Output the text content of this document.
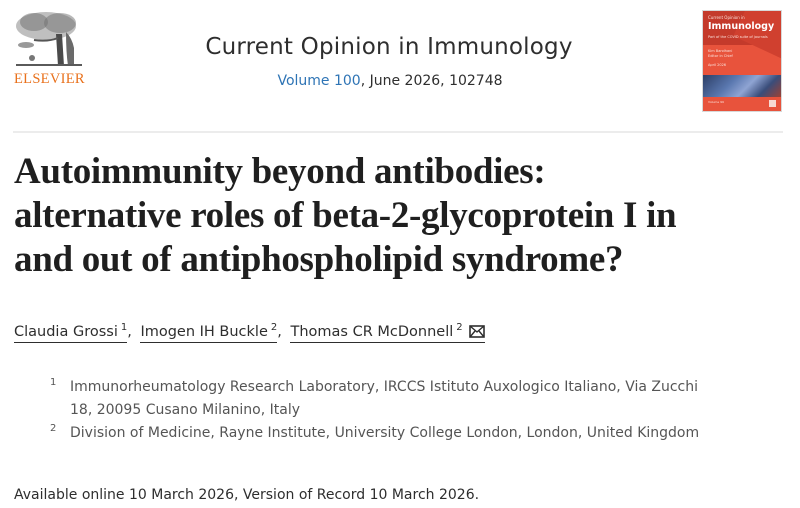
ELSEVIER
Current Opinion in Immunology
Volume 100, June 2026, 102748
Current Opinion in
Immunology
Part of the COVID suite of journals
Kim Bandhani
Editor in Chief
April 2026
Volume 99
Autoimmunity beyond antibodies:
alternative roles of beta-2-glycoprotein I in
and out of antiphospholipid syndrome?
Claudia Grossi $^1$, Imogen IH Buckle $^2$, Thomas CR McDonnell $^2$
1 Immunorheumatology Research Laboratory, IRCCS Istituto Auxologico Italiano, Via Zucchi
18, 20095 Cusano Milanino, Italy
2 Division of Medicine, Rayne Institute, University College London, London, United Kingdom
Available online 10 March 2026, Version of Record 10 March 2026.
